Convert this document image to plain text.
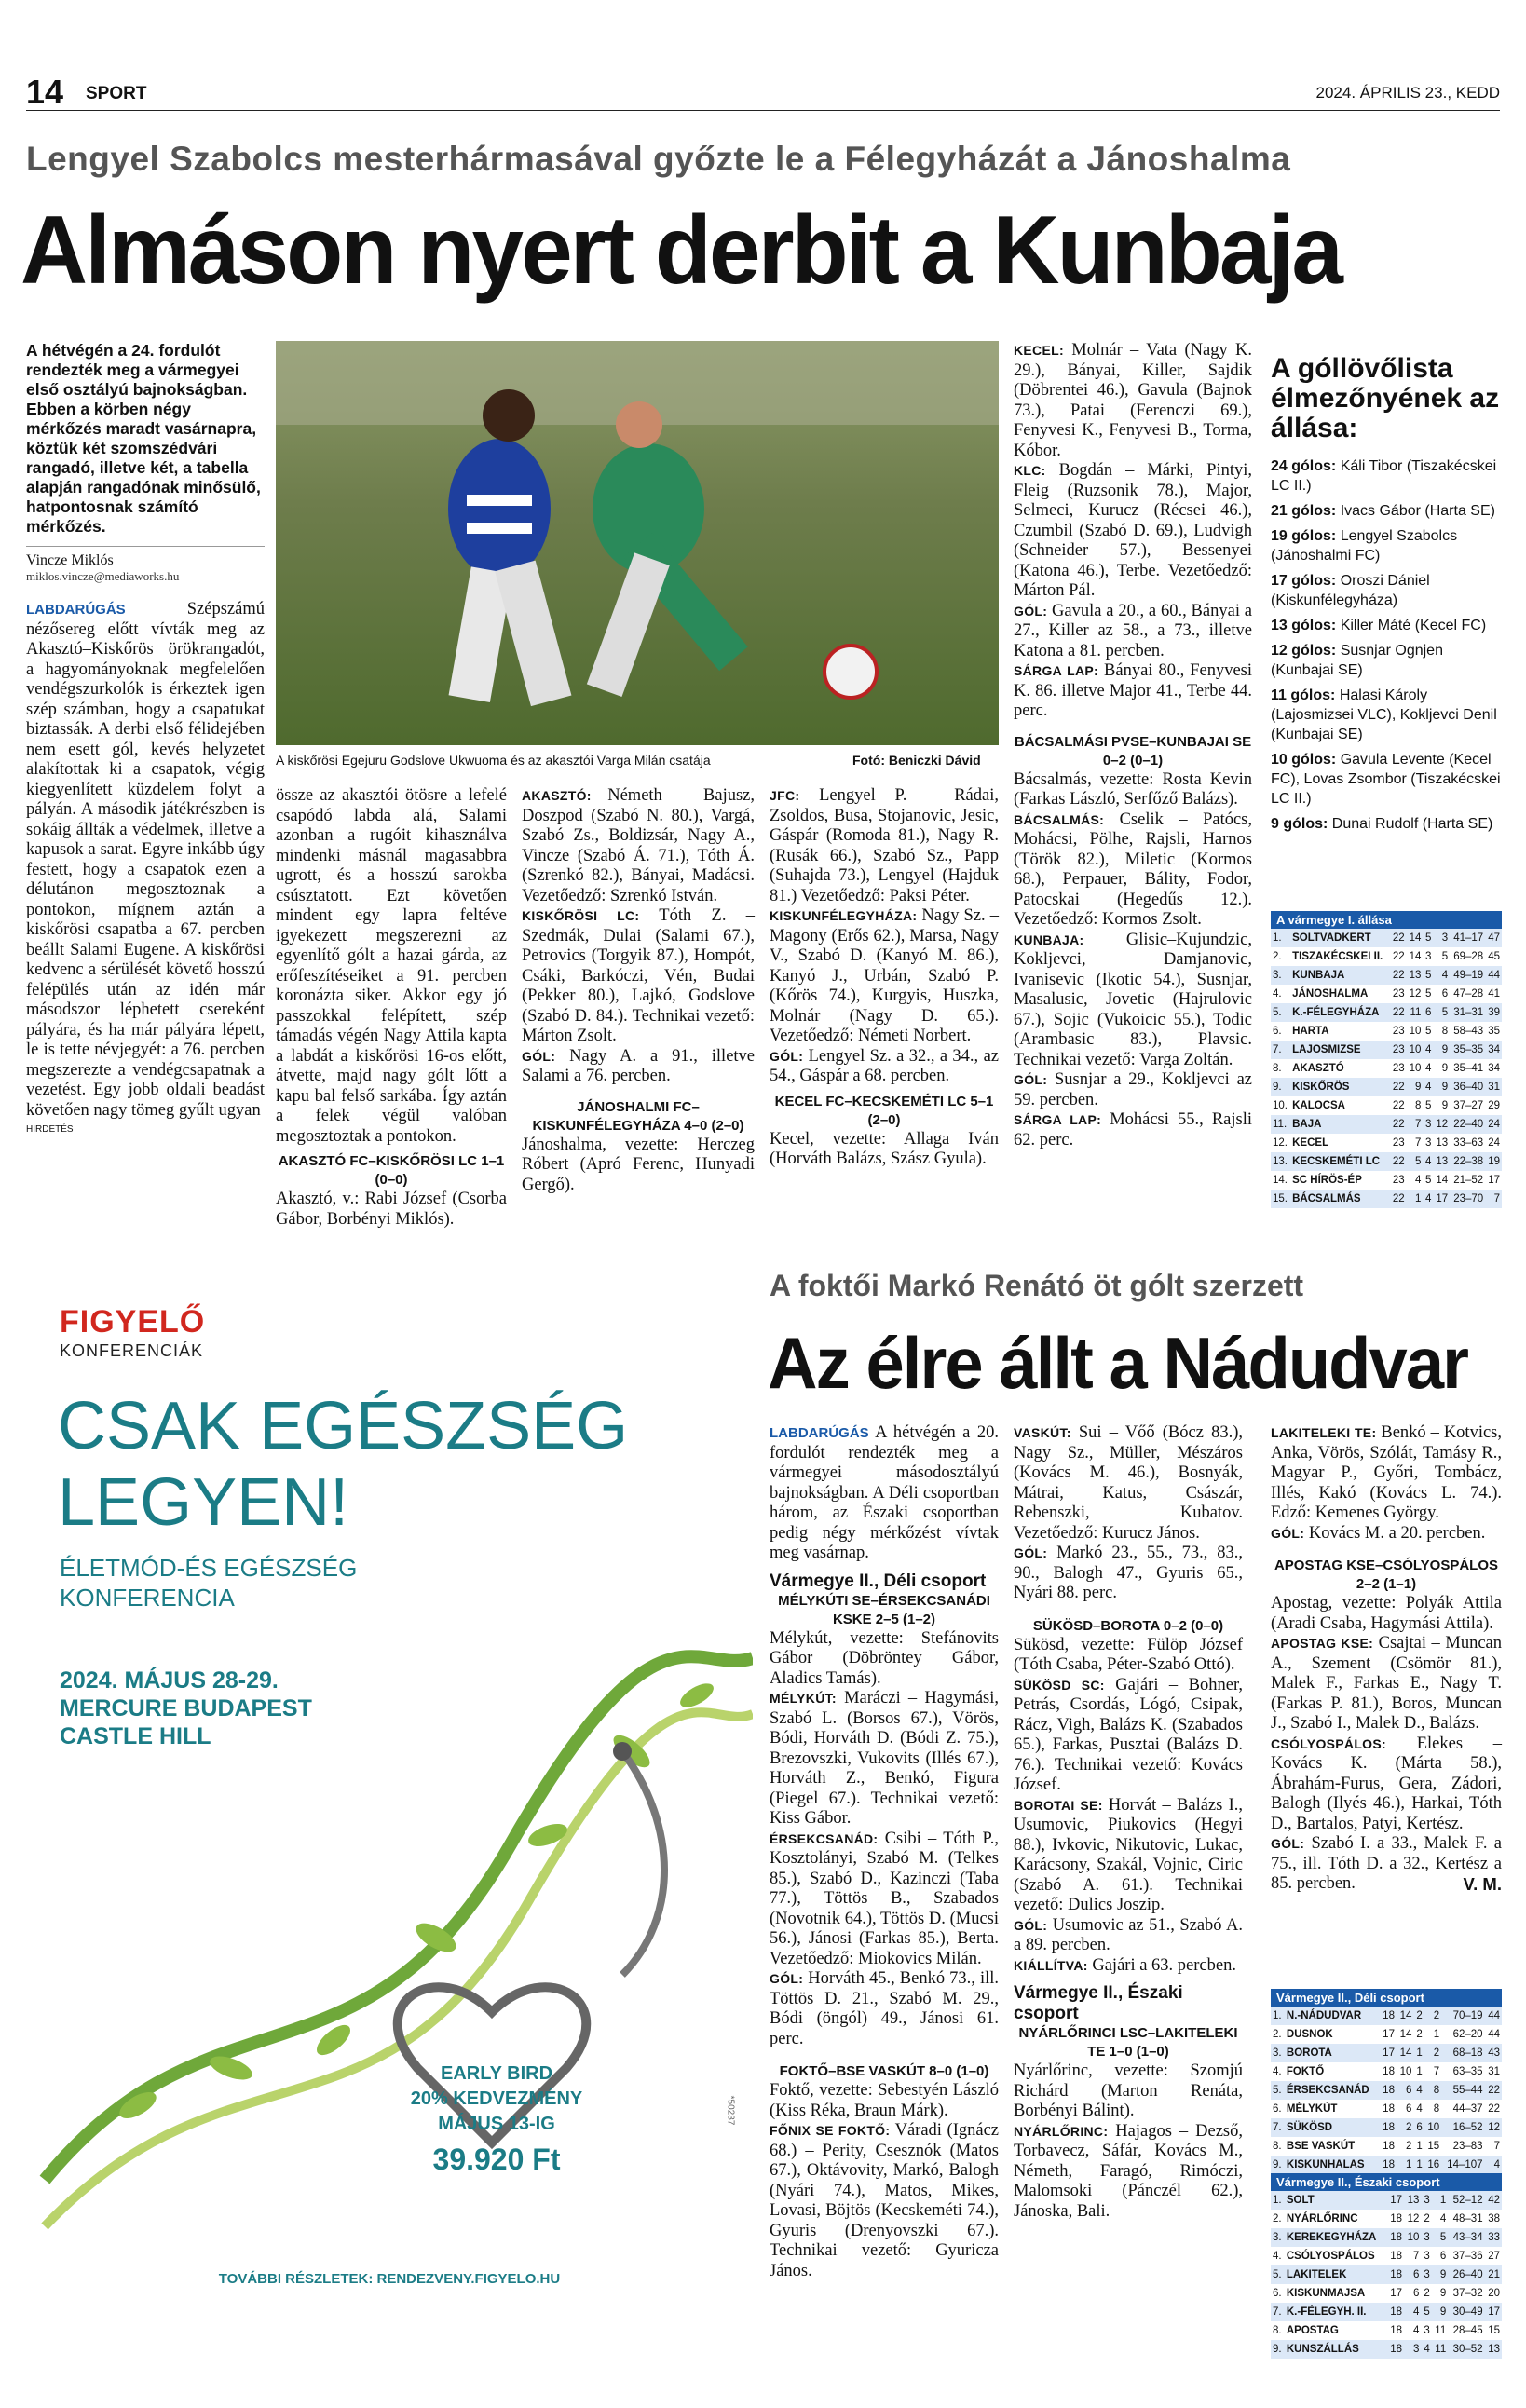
14 SPORT	2024. ÁPRILIS 23., KEDD
Lengyel Szabolcs mesterhármasával győzte le a Félegyházát a Jánoshalma
Almáson nyert derbit a Kunbaja
A hétvégén a 24. fordulót rendezték meg a vármegyei első osztályú bajnokságban. Ebben a körben négy mérkőzés maradt vasárnapra, köztük két szomszédvári rangadó, illetve két, a tabella alapján rangadónak minősülő, hatpontosnak számító mérkőzés.
Vincze Miklós
miklos.vincze@mediaworks.hu
LABDARÚGÁS	Szépszámú nézősereg előtt vívták meg az Akasztó–Kiskőrös örökrangadót, a hagyományoknak megfelelően vendégszurkolók is érkeztek igen szép számban, hogy a csapatukat biztassák. A derbi első félidejében nem esett gól, kevés helyzetet alakítottak ki a csapatok, végig kiegyenlített küzdelem folyt a pályán. A második játékrészben is sokáig állták a védelmek, illetve a kapusok a sarat. Egyre inkább úgy festett, hogy a csapatok ezen a délutánon megosztoznak a pontokon, mígnem aztán a kiskőrösi csapatba a 67. percben beállt Salami Eugene. A kiskőrösi kedvenc a sérülését követő hosszú felépülés után az idén már másodszor léphetett csereként pályára, és ha már pályára lépett, le is tette névjegyét: a 76. percben megszerezte a vendégcsapatnak a vezetést. Egy jobb oldali beadást követően nagy tömeg gyűlt ugyan
HIRDETÉS
A kiskőrösi Egejuru Godslove Ukwuoma és az akasztói Varga Milán csatája	Fotó: Beniczki Dávid
össze az akasztói ötösre a lefelé csapódó labda alá, Salami azonban a rugóit kihasználva mindenki másnál magasabbra ugrott, és a hosszú sarokba csúsztatott. Ezt követően mindent egy lapra feltéve igyekezett megszerezni az egyenlítő gólt a hazai gárda, az erőfeszítéseiket a 91. percben koronázta siker. Akkor egy jó passzokkal felépített, szép támadás végén Nagy Attila kapta a labdát a kiskőrösi 16-os előtt, átvette, majd nagy gólt lőtt a kapu bal felső sarkába. Így aztán a felek végül valóban megosztoztak a pontokon.
AKASZTÓ FC–KISKŐRÖSI LC 1–1 (0–0)
Akasztó, v.: Rabi József (Csorba Gábor, Borbényi Miklós).
AKASZTÓ: Németh – Bajusz, Doszpod (Szabó N. 80.), Vargá, Szabó Zs., Boldizsár, Nagy A., Vincze (Szabó Á. 71.), Tóth Á. (Szrenkó 82.), Bányai, Madácsi. Vezetőedző: Szrenkó István.
KISKŐRÖSI LC: Tóth Z. – Szedmák, Dulai (Salami 67.), Petrovics (Torgyik 87.), Hompót, Csáki, Barkóczi, Vén, Budai (Pekker 80.), Lajkó, Godslove (Szabó D. 84.). Technikai vezető: Márton Zsolt.
GÓL: Nagy A. a 91., illetve Salami a 76. percben.
JÁNOSHALMI FC–KISKUNFÉLEGYHÁZA 4–0 (2–0)
Jánoshalma, vezette: Herczeg Róbert (Apró Ferenc, Hunyadi Gergő).
JFC: Lengyel P. – Rádai, Zsoldos, Busa, Stojanovic, Jesic, Gáspár (Romoda 81.), Nagy R. (Rusák 66.), Szabó Sz., Papp (Suhajda 73.), Lengyel (Hajduk 81.) Vezetőedző: Paksi Péter.
KISKUNFÉLEGYHÁZA: Nagy Sz. – Magony (Erős 62.), Marsa, Nagy V., Szabó D. (Kanyó M. 86.), Kanyó J., Urbán, Szabó P. (Kőrös 74.), Kurgyis, Huszka, Molnár (Nagy D. 65.). Vezetőedző: Németi Norbert.
GÓL: Lengyel Sz. a 32., a 34., az 54., Gáspár a 68. percben.
KECEL FC–KECSKEMÉTI LC 5–1 (2–0)
Kecel, vezette: Allaga Iván (Horváth Balázs, Szász Gyula).
KECEL: Molnár – Vata (Nagy K. 29.), Bányai, Killer, Sajdik (Döbrentei 46.), Gavula (Bajnok 73.), Patai (Ferenczi 69.), Fenyvesi K., Fenyvesi B., Torma, Kóbor.
KLC: Bogdán – Márki, Pintyi, Fleig (Ruzsonik 78.), Major, Selmeci, Kurucz (Récsei 46.), Czumbil (Szabó D. 69.), Ludvigh (Schneider 57.), Bessenyei (Katona 46.), Terbe. Vezetőedző: Márton Pál.
GÓL: Gavula a 20., a 60., Bányai a 27., Killer az 58., a 73., illetve Katona a 81. percben.
SÁRGA LAP: Bányai 80., Fenyvesi K. 86. illetve Major 41., Terbe 44. perc.
BÁCSALMÁSI PVSE–KUNBAJAI SE 0–2 (0–1)
Bácsalmás, vezette: Rosta Kevin (Farkas László, Serfőző Balázs).
BÁCSALMÁS: Cselik – Patócs, Mohácsi, Pölhe, Rajsli, Harnos (Török 82.), Miletic (Kormos 68.), Perpauer, Bálity, Fodor, Patocskai (Hegedűs 12.). Vezetőedző: Kormos Zsolt.
KUNBAJA: Glisic–Kujundzic, Kokljevci, Damjanovic, Ivanisevic (Ikotic 54.), Susnjar, Masalusic, Jovetic (Hajrulovic 67.), Sojic (Vukoicic 55.), Todic (Arambasic 83.), Plavsic. Technikai vezető: Varga Zoltán.
GÓL: Susnjar a 29., Kokljevci az 59. percben.
SÁRGA LAP: Mohácsi 55., Rajsli 62. perc.
A góllövőlista élmezőnyének az állása:
24 gólos: Káli Tibor (Tiszakécskei LC II.)
21 gólos: Ivacs Gábor (Harta SE)
19 gólos: Lengyel Szabolcs (Jánoshalmi FC)
17 gólos: Oroszi Dániel (Kiskunfélegyháza)
13 gólos: Killer Máté (Kecel FC)
12 gólos: Susnjar Ognjen (Kunbajai SE)
11 gólos: Halasi Károly (Lajosmizsei VLC), Kokljevci Denil (Kunbajai SE)
10 gólos: Gavula Levente (Kecel FC), Lovas Zsombor (Tiszakécskei LC II.)
9 gólos: Dunai Rudolf (Harta SE)
A vármegye I. állása
1.	SOLTVADKERT	22	14	5	3	41–17	47
2.	TISZAKÉCSKEI II.	22	14	3	5	69–28	45
3.	KUNBAJA	22	13	5	4	49–19	44
4.	JÁNOSHALMA	23	12	5	6	47–28	41
5.	K.-FÉLEGYHÁZA	22	11	6	5	31–31	39
6.	HARTA	23	10	5	8	58–43	35
7.	LAJOSMIZSE	23	10	4	9	35–35	34
8.	AKASZTÓ	23	10	4	9	35–41	34
9.	KISKŐRÖS	22	9	4	9	36–40	31
10.	KALOCSA	22	8	5	9	37–27	29
11.	BAJA	22	7	3	12	22–40	24
12.	KECEL	23	7	3	13	33–63	24
13.	KECSKEMÉTI LC	22	5	4	13	22–38	19
14.	SC HÍRÖS-ÉP	23	4	5	14	21–52	17
15.	BÁCSALMÁS	22	1	4	17	23–70	7
FIGYELŐ
KONFERENCIÁK
CSAK EGÉSZSÉG
LEGYEN!
ÉLETMÓD-ÉS EGÉSZSÉG
KONFERENCIA
2024. MÁJUS 28-29.
MERCURE BUDAPEST
CASTLE HILL
EARLY BIRD
20% KEDVEZMÉNY
MÁJUS 13-IG
39.920 Ft
*50237
TOVÁBBI RÉSZLETEK: RENDEZVENY.FIGYELO.HU
A foktői Markó Renátó öt gólt szerzett
Az élre állt a Nádudvar
LABDARÚGÁS A hétvégén a 20. fordulót rendezték meg a vármegyei másodosztályú bajnokságban. A Déli csoportban három, az Északi csoportban pedig négy mérkőzést vívtak meg vasárnap.
Vármegye II., Déli csoport
MÉLYKÚTI SE–ÉRSEKCSANÁDI KSKE 2–5 (1–2)
Mélykút, vezette: Stefánovits Gábor (Döbröntey Gábor, Aladics Tamás).
MÉLYKÚT: Maráczi – Hagymási, Szabó L. (Borsos 67.), Vörös, Bódi, Horváth D. (Bódi Z. 75.), Brezovszki, Vukovits (Illés 67.), Horváth Z., Benkó, Figura (Piegel 67.). Technikai vezető: Kiss Gábor.
ÉRSEKCSANÁD: Csibi – Tóth P., Kosztolányi, Szabó M. (Telkes 85.), Szabó D., Kazinczi (Taba 77.), Töttös B., Szabados (Novotnik 64.), Töttös D. (Mucsi 56.), Jánosi (Farkas 85.), Berta. Vezetőedző: Miokovics Milán.
GÓL: Horváth 45., Benkó 73., ill. Töttös D. 21., Szabó M. 29., Bódi (öngól) 49., Jánosi 61. perc.
FOKTŐ–BSE VASKÚT 8–0 (1–0)
Foktő, vezette: Sebestyén László (Kiss Réka, Braun Márk).
FŐNIX SE FOKTŐ: Váradi (Ignácz 68.) – Perity, Csesznók (Matos 67.), Oktávovity, Markó, Balogh (Nyári 74.), Matos, Mikes, Lovasi, Böjtös (Kecskeméti 74.), Gyuris (Drenyovszki 67.). Technikai vezető: Gyuricza János.
VASKÚT: Sui – Vőő (Bócz 83.), Nagy Sz., Müller, Mészáros (Kovács M. 46.), Bosnyák, Mátrai, Katus, Császár, Rebenszki, Kubatov. Vezetőedző: Kurucz János.
GÓL: Markó 23., 55., 73., 83., 90., Balogh 47., Gyuris 65., Nyári 88. perc.
SÜKÖSD–BOROTA 0–2 (0–0)
Sükösd, vezette: Fülöp József (Tóth Csaba, Péter-Szabó Ottó).
SÜKÖSD SC: Gajári – Bohner, Petrás, Csordás, Lógó, Csipak, Rácz, Vigh, Balázs K. (Szabados 65.), Farkas, Pusztai (Balázs D. 76.). Technikai vezető: Kovács József.
BOROTAI SE: Horvát – Balázs I., Usumovic, Piukovics (Hegyi 88.), Ivkovic, Nikutovic, Lukac, Karácsony, Szakál, Vojnic, Ciric (Szabó A. 61.). Technikai vezető: Dulics Joszip.
GÓL: Usumovic az 51., Szabó A. a 89. percben.
KIÁLLÍTVA: Gajári a 63. percben.
Vármegye II., Északi csoport
NYÁRLŐRINCI LSC–LAKITELEKI TE 1–0 (1–0)
Nyárlőrinc, vezette: Szomjú Richárd (Marton Renáta, Borbényi Bálint).
NYÁRLŐRINC: Hajagos – Dezső, Torbavecz, Sáfár, Kovács M., Németh, Faragó, Rimóczi, Malomsoki (Pánczél 62.), Jánoska, Bali.
LAKITELEKI TE: Benkó – Kotvics, Anka, Vörös, Szólát, Tamásy R., Magyar P., Győri, Tombácz, Illés, Kakó (Kovács L. 74.). Edző: Kemenes György.
GÓL: Kovács M. a 20. percben.
APOSTAG KSE–CSÓLYOSPÁLOS 2–2 (1–1)
Apostag, vezette: Polyák Attila (Aradi Csaba, Hagymási Attila).
APOSTAG KSE: Csajtai – Muncan A., Szement (Csömör 81.), Malek F., Farkas E., Nagy T. (Farkas P. 81.), Boros, Muncan J., Szabó I., Malek D., Balázs.
CSÓLYOSPÁLOS: Elekes – Kovács K. (Márta 58.), Ábrahám-Furus, Gera, Zádori, Balogh (Ilyés 46.), Harkai, Tóth D., Bartalos, Patyi, Kertész.
GÓL: Szabó I. a 33., Malek F. a 75., ill. Tóth D. a 32., Kertész a 85. percben.	V. M.
Vármegye II., Déli csoport
1.	N.-NÁDUDVAR	18	14	2	2	70–19	44
2.	DUSNOK	17	14	2	1	62–20	44
3.	BOROTA	17	14	1	2	68–18	43
4.	FOKTŐ	18	10	1	7	63–35	31
5.	ÉRSEKCSANÁD	18	6	4	8	55–44	22
6.	MÉLYKÚT	18	6	4	8	44–37	22
7.	SÜKÖSD	18	2	6	10	16–52	12
8.	BSE VASKÚT	18	2	1	15	23–83	7
9.	KISKUNHALAS	18	1	1	16	14–107	4
Vármegye II., Északi csoport
1.	SOLT	17	13	3	1	52–12	42
2.	NYÁRLŐRINC	18	12	2	4	48–31	38
3.	KEREKEGYHÁZA	18	10	3	5	43–34	33
4.	CSÓLYOSPÁLOS	18	7	3	6	37–36	27
5.	LAKITELEK	18	6	3	9	26–40	21
6.	KISKUNMAJSA	17	6	2	9	37–32	20
7.	K.-FÉLEGYH. II.	18	4	5	9	30–49	17
8.	APOSTAG	18	4	3	11	28–45	15
9.	KUNSZÁLLÁS	18	3	4	11	30–52	13
